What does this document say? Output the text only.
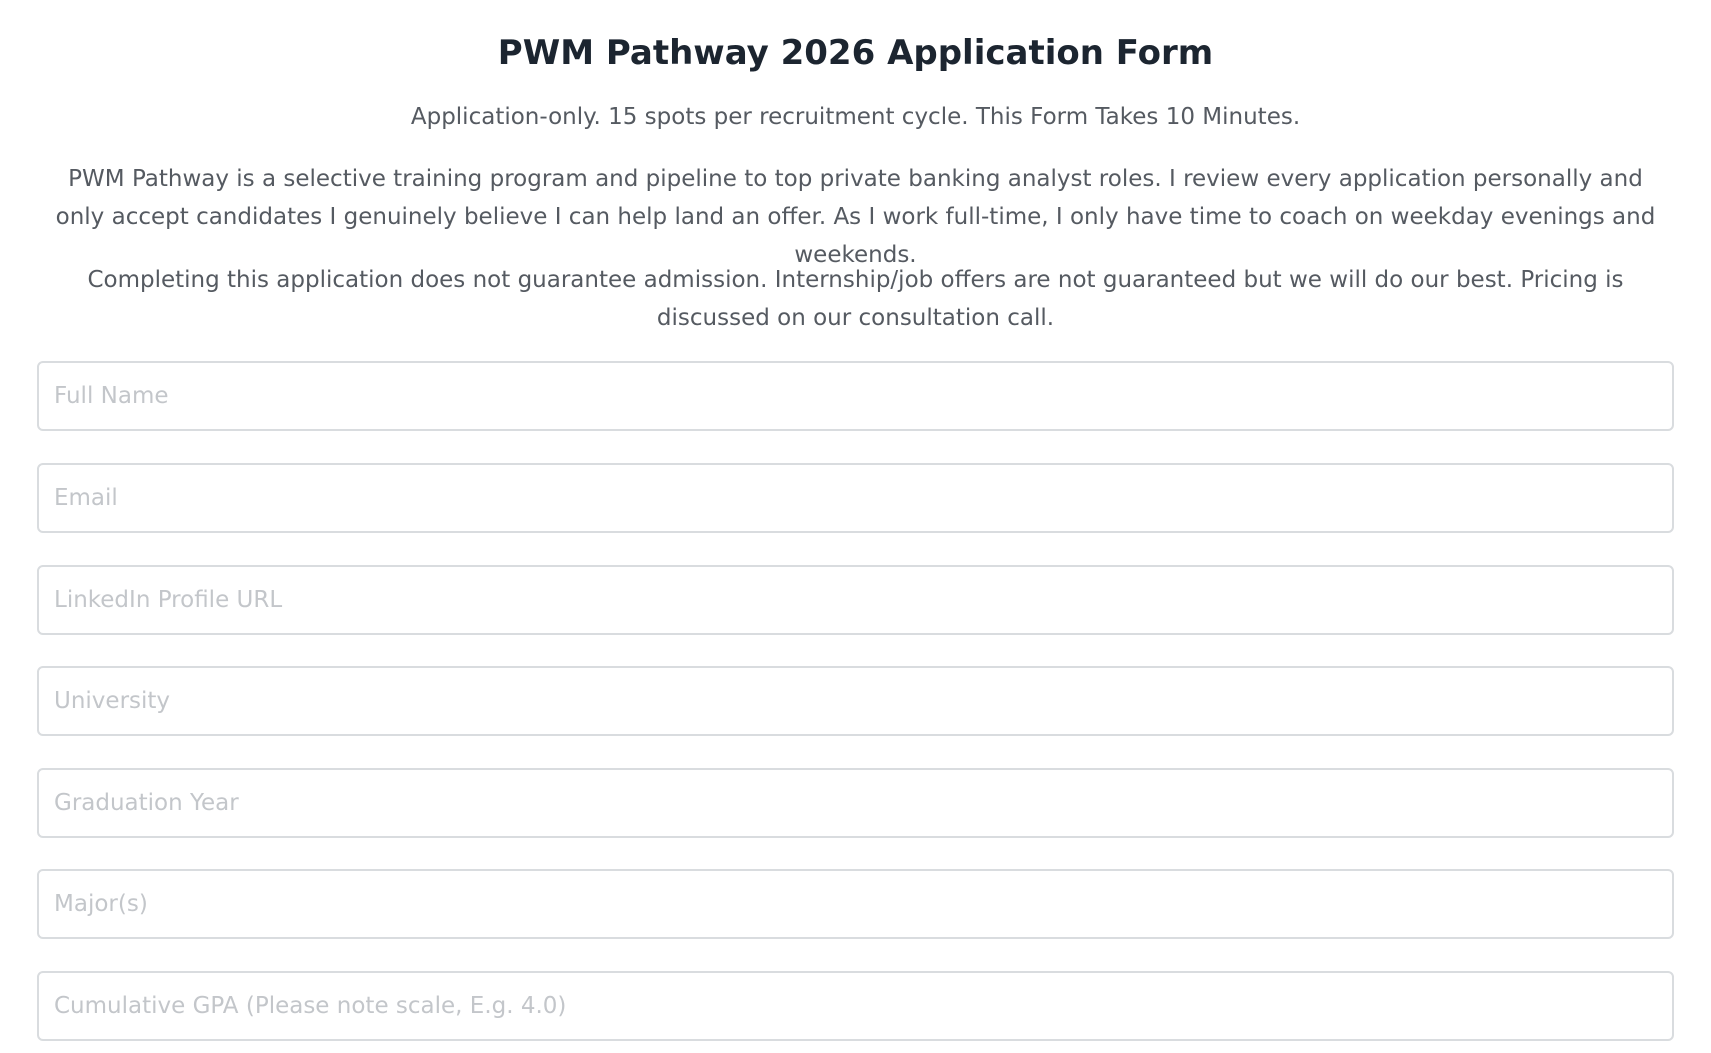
PWM Pathway 2026 Application Form

Application-only. 15 spots per recruitment cycle. This Form Takes 10 Minutes.

PWM Pathway is a selective training program and pipeline to top private banking analyst roles. I review every application personally and only accept candidates I genuinely believe I can help land an offer. As I work full-time, I only have time to coach on weekday evenings and weekends.

Completing this application does not guarantee admission. Internship/job offers are not guaranteed but we will do our best. Pricing is discussed on our consultation call.

Full Name
Email
LinkedIn Profile URL
University
Graduation Year
Major(s)
Cumulative GPA (Please note scale, E.g. 4.0)
